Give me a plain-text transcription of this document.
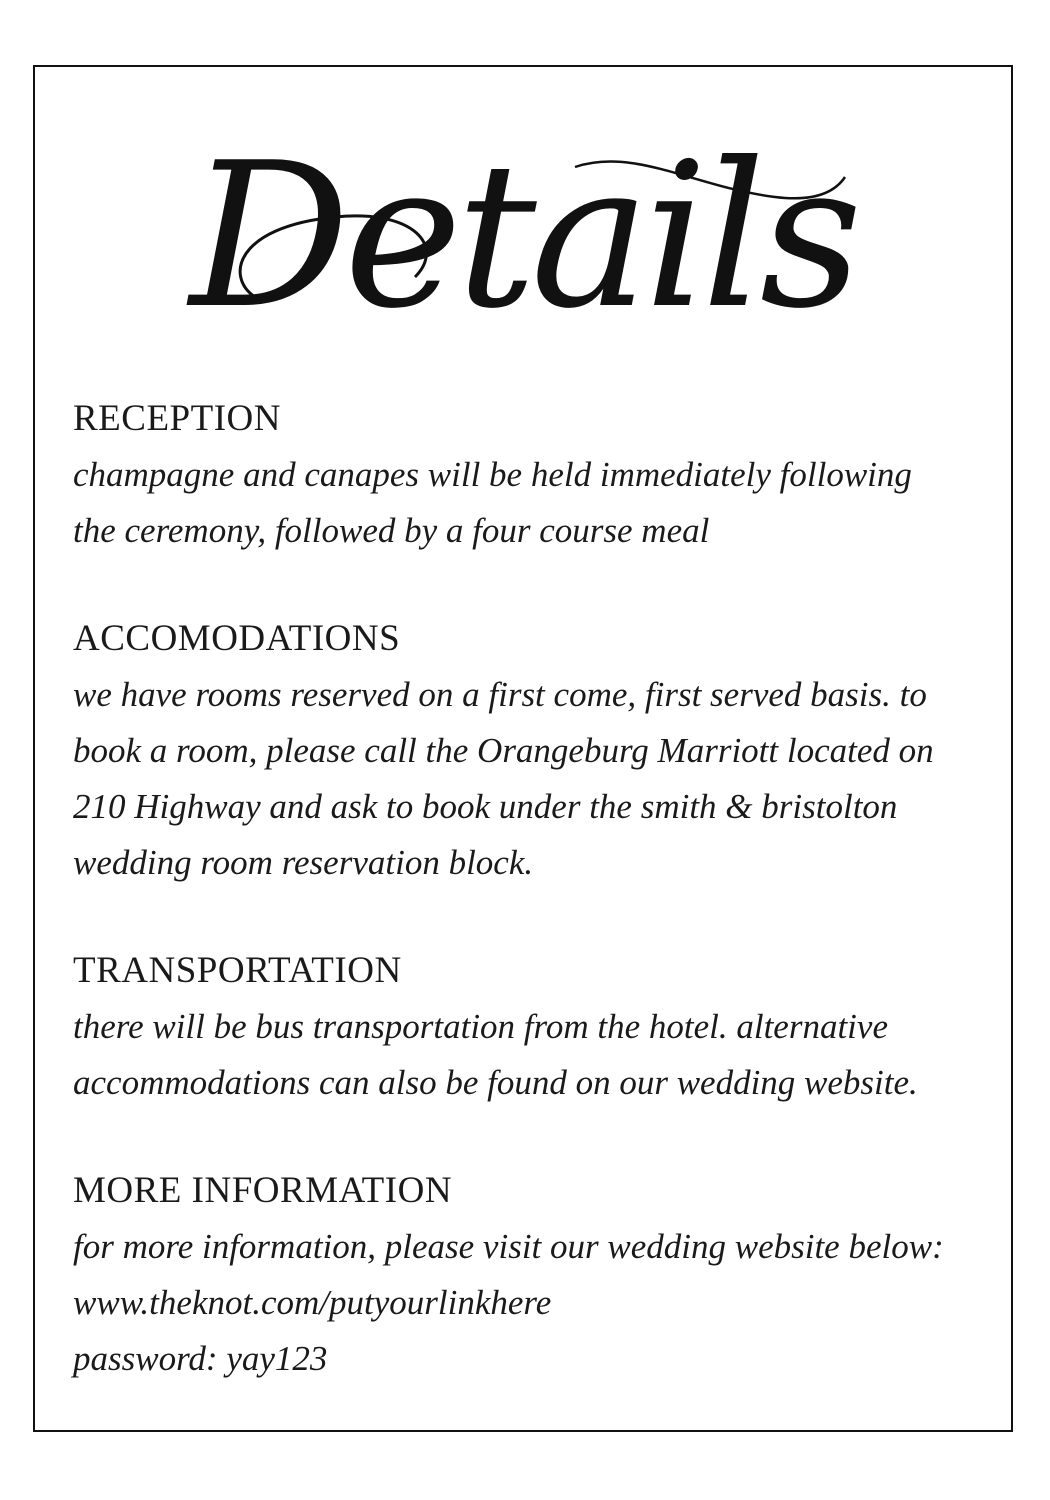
Details
RECEPTION

champagne and canapes will be held immediately following
the ceremony, followed by a four course meal

ACCOMODATIONS

we have rooms reserved on a first come, first served basis. to
book a room, please call the Orangeburg Marriott located on
210 Highway and ask to book under the smith & bristolton
wedding room reservation block.

TRANSPORTATION

there will be bus transportation from the hotel. alternative
accommodations can also be found on our wedding website.

MORE INFORMATION

for more information, please visit our wedding website below:
www.theknot.com/putyourlinkhere
password: yay123
